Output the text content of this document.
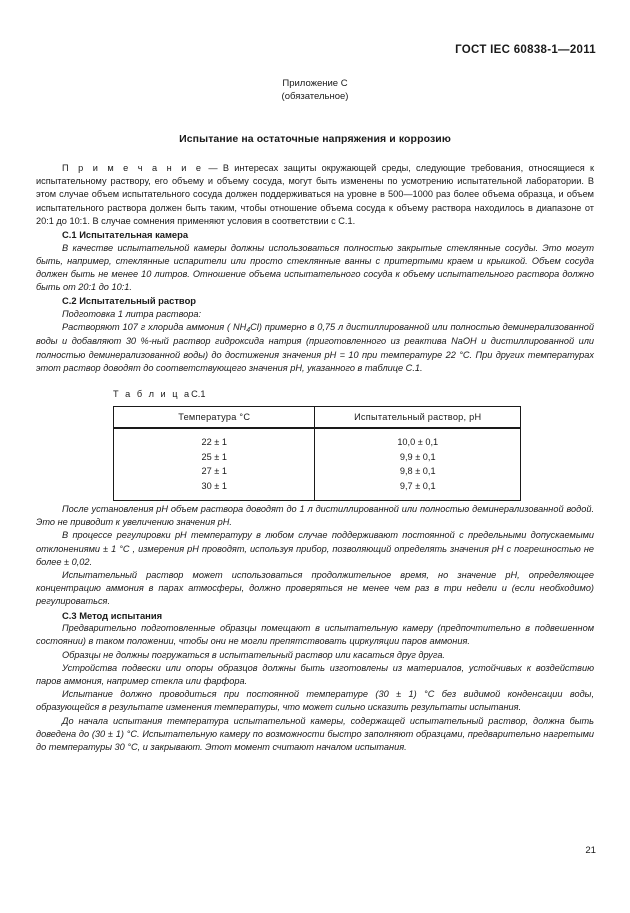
ГОСТ IEC 60838-1—2011
Приложение С
(обязательное)
Испытание на остаточные напряжения и коррозию

П р и м е ч а н и е — В интересах защиты окружающей среды, следующие требования, относящиеся к испытательному раствору, его объему и объему сосуда, могут быть изменены по усмотрению испытательной лаборатории. В этом случае объем испытательного сосуда должен поддерживаться на уровне в 500—1000 раз более объема образца, и объем испытательного раствора должен быть таким, чтобы отношение объема сосуда к объему раствора находилось в диапазоне от 20:1 до 10:1. В случае сомнения применяют условия в соответствии с С.1.

С.1 Испытательная камера

В качестве испытательной камеры должны использоваться полностью закрытые стеклянные сосуды. Это могут быть, например, стеклянные испарители или просто стеклянные ванны с притертыми краем и крышкой. Объем сосуда должен быть не менее 10 литров. Отношение объема испытательного сосуда к объему испытательного раствора должно быть от 20:1 до 10:1.

С.2 Испытательный раствор

Подготовка 1 литра раствора:

Растворяют 107 г хлорида аммония ( $NH_4Cl$) примерно в 0,75 л дистиллированной или полностью деминерализованной воды и добавляют 30 %-ный раствор гидроксида натрия (приготовленного из реактива NaOH и дистиллированной или полностью деминерализованной воды) до достижения значения рН = 10 при температуре 22 °С. При других температурах этот раствор доводят до соответствующего значения рН, указанного в таблице С.1.

Т а б л и ц аС.1
Температура °С	Испытательный раствор, рН
22 ± 1	10,0 ± 0,1
25 ± 1	9,9 ± 0,1
27 ± 1	9,8 ± 0,1
30 ± 1	9,7 ± 0,1

После установления рН объем раствора доводят до 1 л дистиллированной или полностью деминерализованной водой. Это не приводит к увеличению значения рН.

В процессе регулировки рН температуру в любом случае поддерживают постоянной с предельными допускаемыми отклонениями ± 1 °С , измерения рН проводят, используя прибор, позволяющий определять значения рН с погрешностью не более ± 0,02.

Испытательный раствор может использоваться продолжительное время, но значение рН, определяющее концентрацию аммония в парах атмосферы, должно проверяться не менее чем раз в три недели и (если необходимо) регулироваться.

С.3 Метод испытания

Предварительно подготовленные образцы помещают в испытательную камеру (предпочтительно в подвешенном состоянии) в таком положении, чтобы они не могли препятствовать циркуляции паров аммония.

Образцы не должны погружаться в испытательный раствор или касаться друг друга.

Устройства подвески или опоры образцов должны быть изготовлены из материалов, устойчивых к воздействию паров аммония, например стекла или фарфора.

Испытание должно проводиться при постоянной температуре (30 ± 1) °С без видимой конденсации воды, образующейся в результате изменения температуры, что может сильно исказить результаты испытания.

До начала испытания температура испытательной камеры, содержащей испытательный раствор, должна быть доведена до (30 ± 1) °С. Испытательную камеру по возможности быстро заполняют образцами, предварительно нагретыми до температуры 30 °С, и закрывают. Этот момент считают началом испытания.

21
